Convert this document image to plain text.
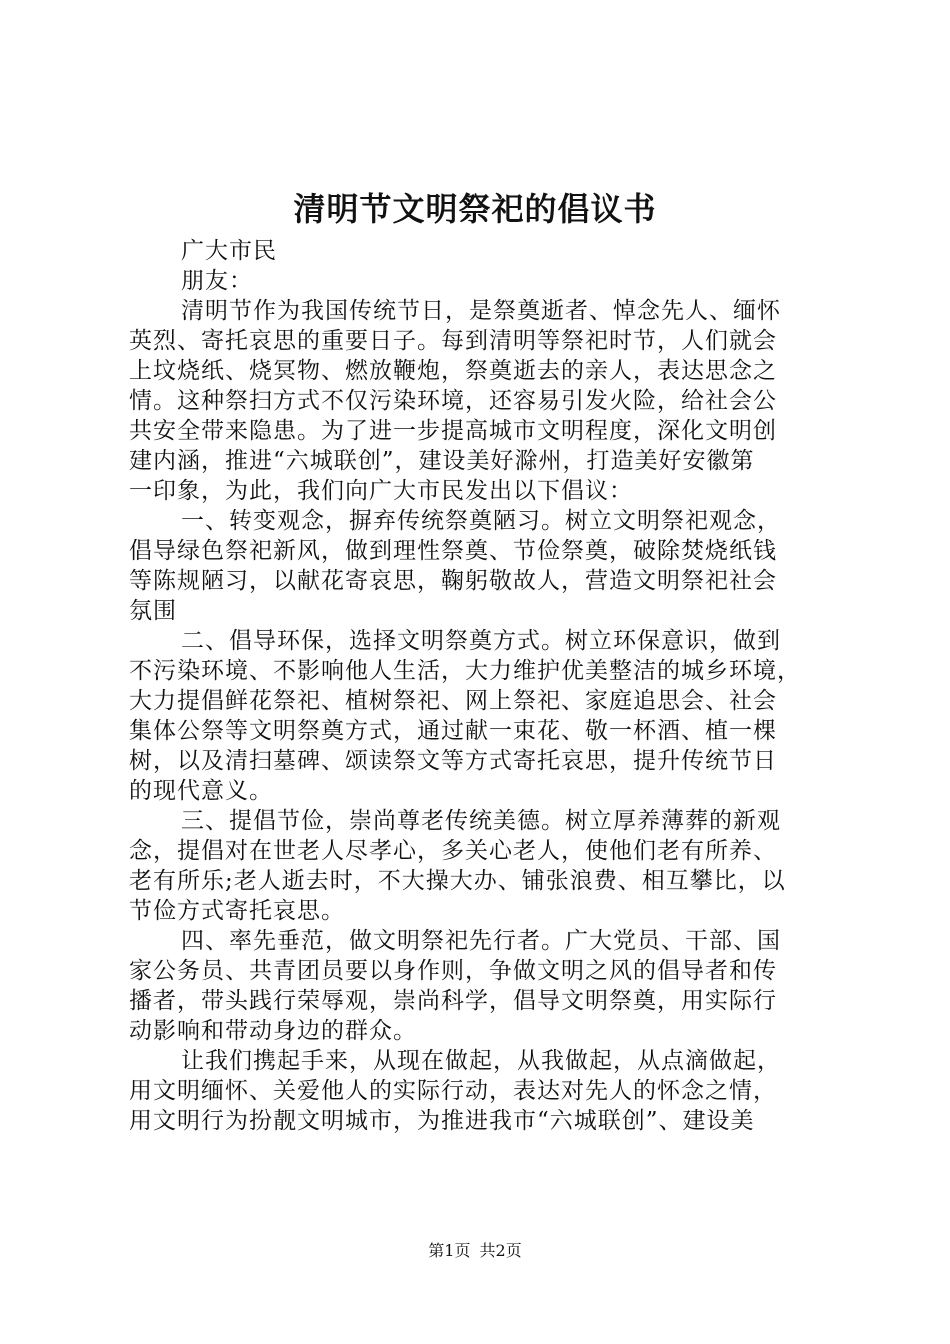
清明节文明祭祀的倡议书
广大市民
朋友：
清明节作为我国传统节日，是祭奠逝者、悼念先人、缅怀
英烈、寄托哀思的重要日子。每到清明等祭祀时节，人们就会
上坟烧纸、烧冥物、燃放鞭炮，祭奠逝去的亲人，表达思念之
情。这种祭扫方式不仅污染环境，还容易引发火险，给社会公
共安全带来隐患。为了进一步提高城市文明程度，深化文明创
建内涵，推进“六城联创”，建设美好滁州，打造美好安徽第
一印象，为此，我们向广大市民发出以下倡议：
一、转变观念，摒弃传统祭奠陋习。树立文明祭祀观念，
倡导绿色祭祀新风，做到理性祭奠、节俭祭奠，破除焚烧纸钱
等陈规陋习，以献花寄哀思，鞠躬敬故人，营造文明祭祀社会
氛围
二、倡导环保，选择文明祭奠方式。树立环保意识，做到
不污染环境、不影响他人生活，大力维护优美整洁的城乡环境，
大力提倡鲜花祭祀、植树祭祀、网上祭祀、家庭追思会、社会
集体公祭等文明祭奠方式，通过献一束花、敬一杯酒、植一棵
树，以及清扫墓碑、颂读祭文等方式寄托哀思，提升传统节日
的现代意义。
三、提倡节俭，崇尚尊老传统美德。树立厚养薄葬的新观
念，提倡对在世老人尽孝心，多关心老人，使他们老有所养、
老有所乐;老人逝去时，不大操大办、铺张浪费、相互攀比，以
节俭方式寄托哀思。
四、率先垂范，做文明祭祀先行者。广大党员、干部、国
家公务员、共青团员要以身作则，争做文明之风的倡导者和传
播者，带头践行荣辱观，崇尚科学，倡导文明祭奠，用实际行
动影响和带动身边的群众。
让我们携起手来，从现在做起，从我做起，从点滴做起，
用文明缅怀、关爱他人的实际行动，表达对先人的怀念之情，
用文明行为扮靓文明城市，为推进我市“六城联创”、建设美
第1页 共2页
